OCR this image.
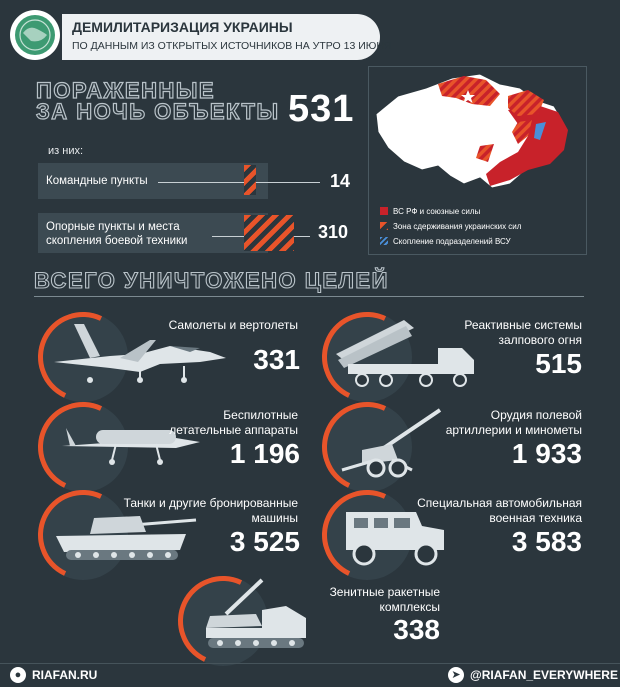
ДЕМИЛИТАРИЗАЦИЯ УКРАИНЫ
ПО ДАННЫМ ИЗ ОТКРЫТЫХ ИСТОЧНИКОВ НА УТРО 13 ИЮНЯ
ПОРАЖЕННЫЕ
ЗА НОЧЬ ОБЪЕКТЫ 531
из них:
Командные пункты	14
Опорные пункты и места
скопления боевой техники	310
ВС РФ и союзные силы
Зона сдерживания украинских сил
Скопление подразделений ВСУ
ВСЕГО УНИЧТОЖЕНО ЦЕЛЕЙ
Самолеты и вертолеты
331
Реактивные системы
залпового огня
515
Беспилотные
летательные аппараты
1 196
Орудия полевой
артиллерии и минометы
1 933
Танки и другие бронированные
машины
3 525
Специальная автомобильная
военная техника
3 583
Зенитные ракетные
комплексы
338
● RIAFAN.RU	➤ @RIAFAN_EVERYWHERE
